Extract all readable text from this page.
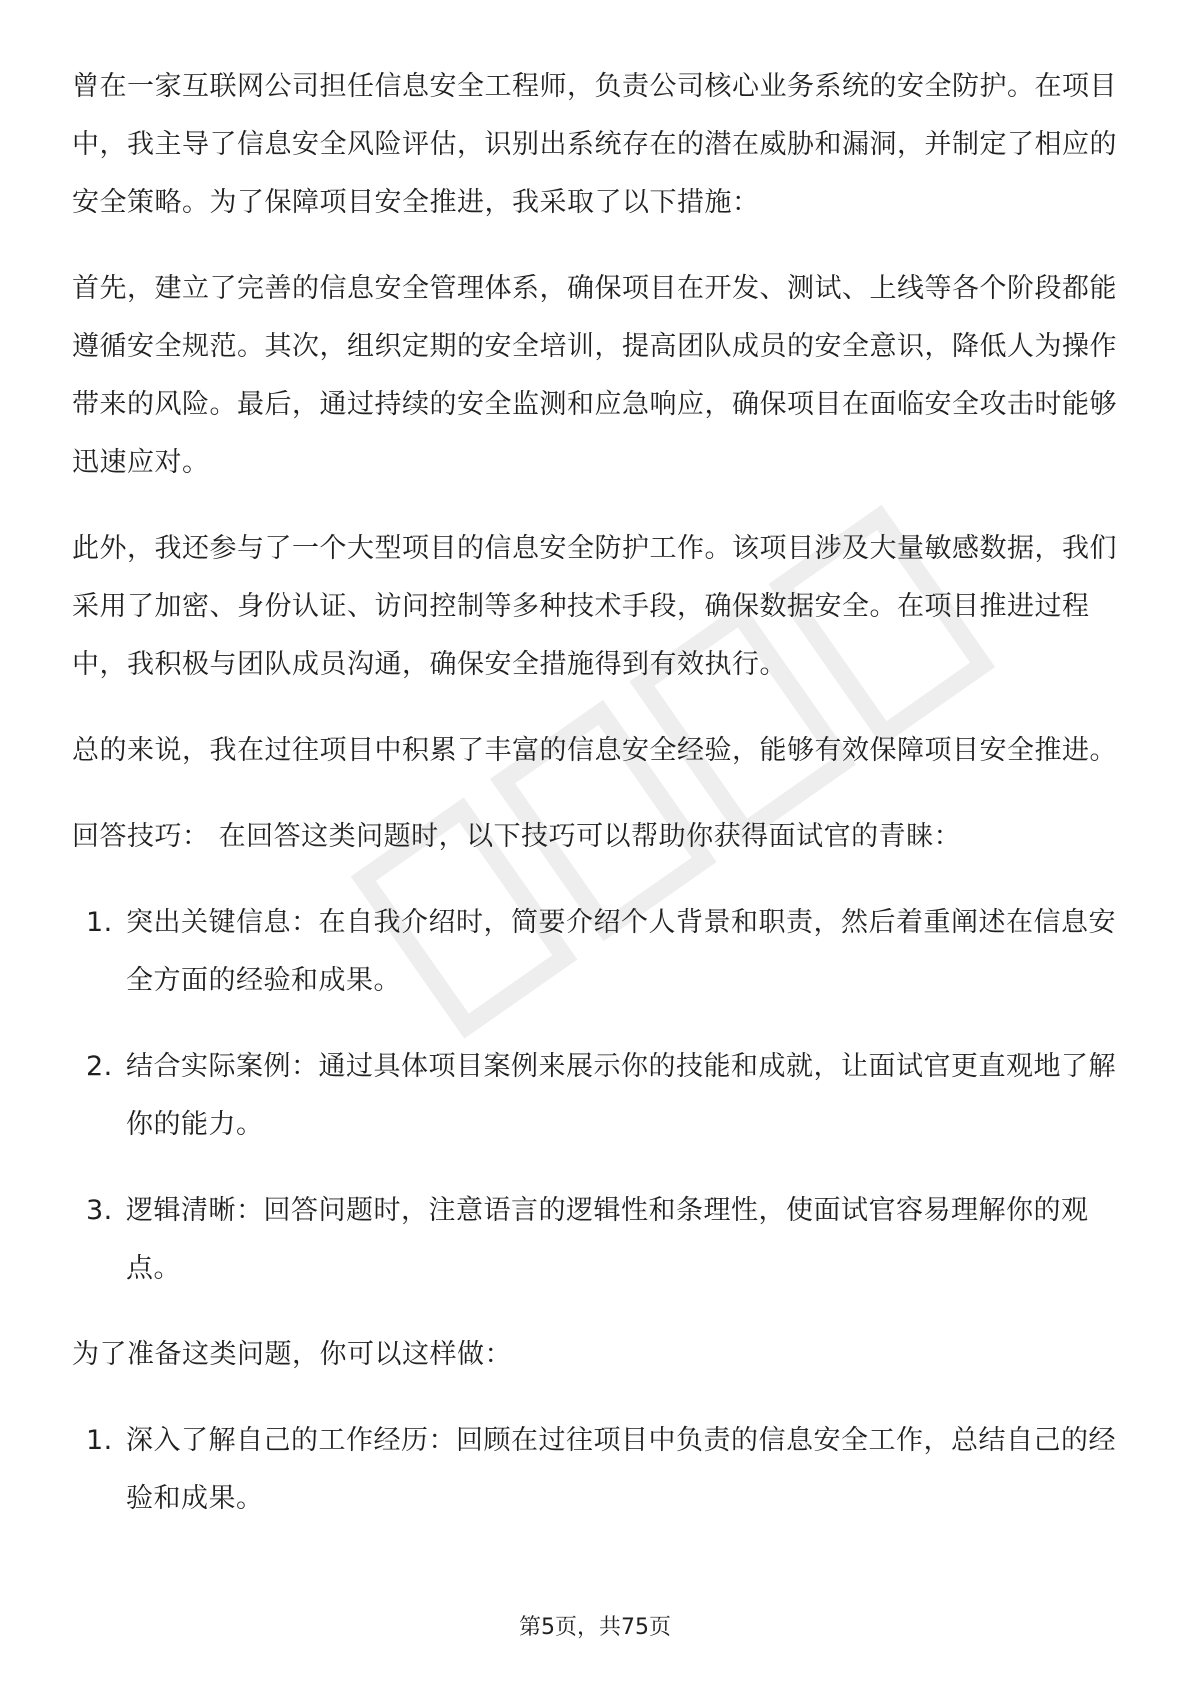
曾在一家互联网公司担任信息安全工程师，负责公司核心业务系统的安全防护。在项目中，我主导了信息安全风险评估，识别出系统存在的潜在威胁和漏洞，并制定了相应的安全策略。为了保障项目安全推进，我采取了以下措施：

首先，建立了完善的信息安全管理体系，确保项目在开发、测试、上线等各个阶段都能遵循安全规范。其次，组织定期的安全培训，提高团队成员的安全意识，降低人为操作带来的风险。最后，通过持续的安全监测和应急响应，确保项目在面临安全攻击时能够迅速应对。

此外，我还参与了一个大型项目的信息安全防护工作。该项目涉及大量敏感数据，我们采用了加密、身份认证、访问控制等多种技术手段，确保数据安全。在项目推进过程中，我积极与团队成员沟通，确保安全措施得到有效执行。

总的来说，我在过往项目中积累了丰富的信息安全经验，能够有效保障项目安全推进。

回答技巧： 在回答这类问题时，以下技巧可以帮助你获得面试官的青睐：

1. 突出关键信息：在自我介绍时，简要介绍个人背景和职责，然后着重阐述在信息安全方面的经验和成果。
2. 结合实际案例：通过具体项目案例来展示你的技能和成就，让面试官更直观地了解你的能力。
3. 逻辑清晰：回答问题时，注意语言的逻辑性和条理性，使面试官容易理解你的观点。

为了准备这类问题，你可以这样做：

1. 深入了解自己的工作经历：回顾在过往项目中负责的信息安全工作，总结自己的经验和成果。
第5页，共75页
